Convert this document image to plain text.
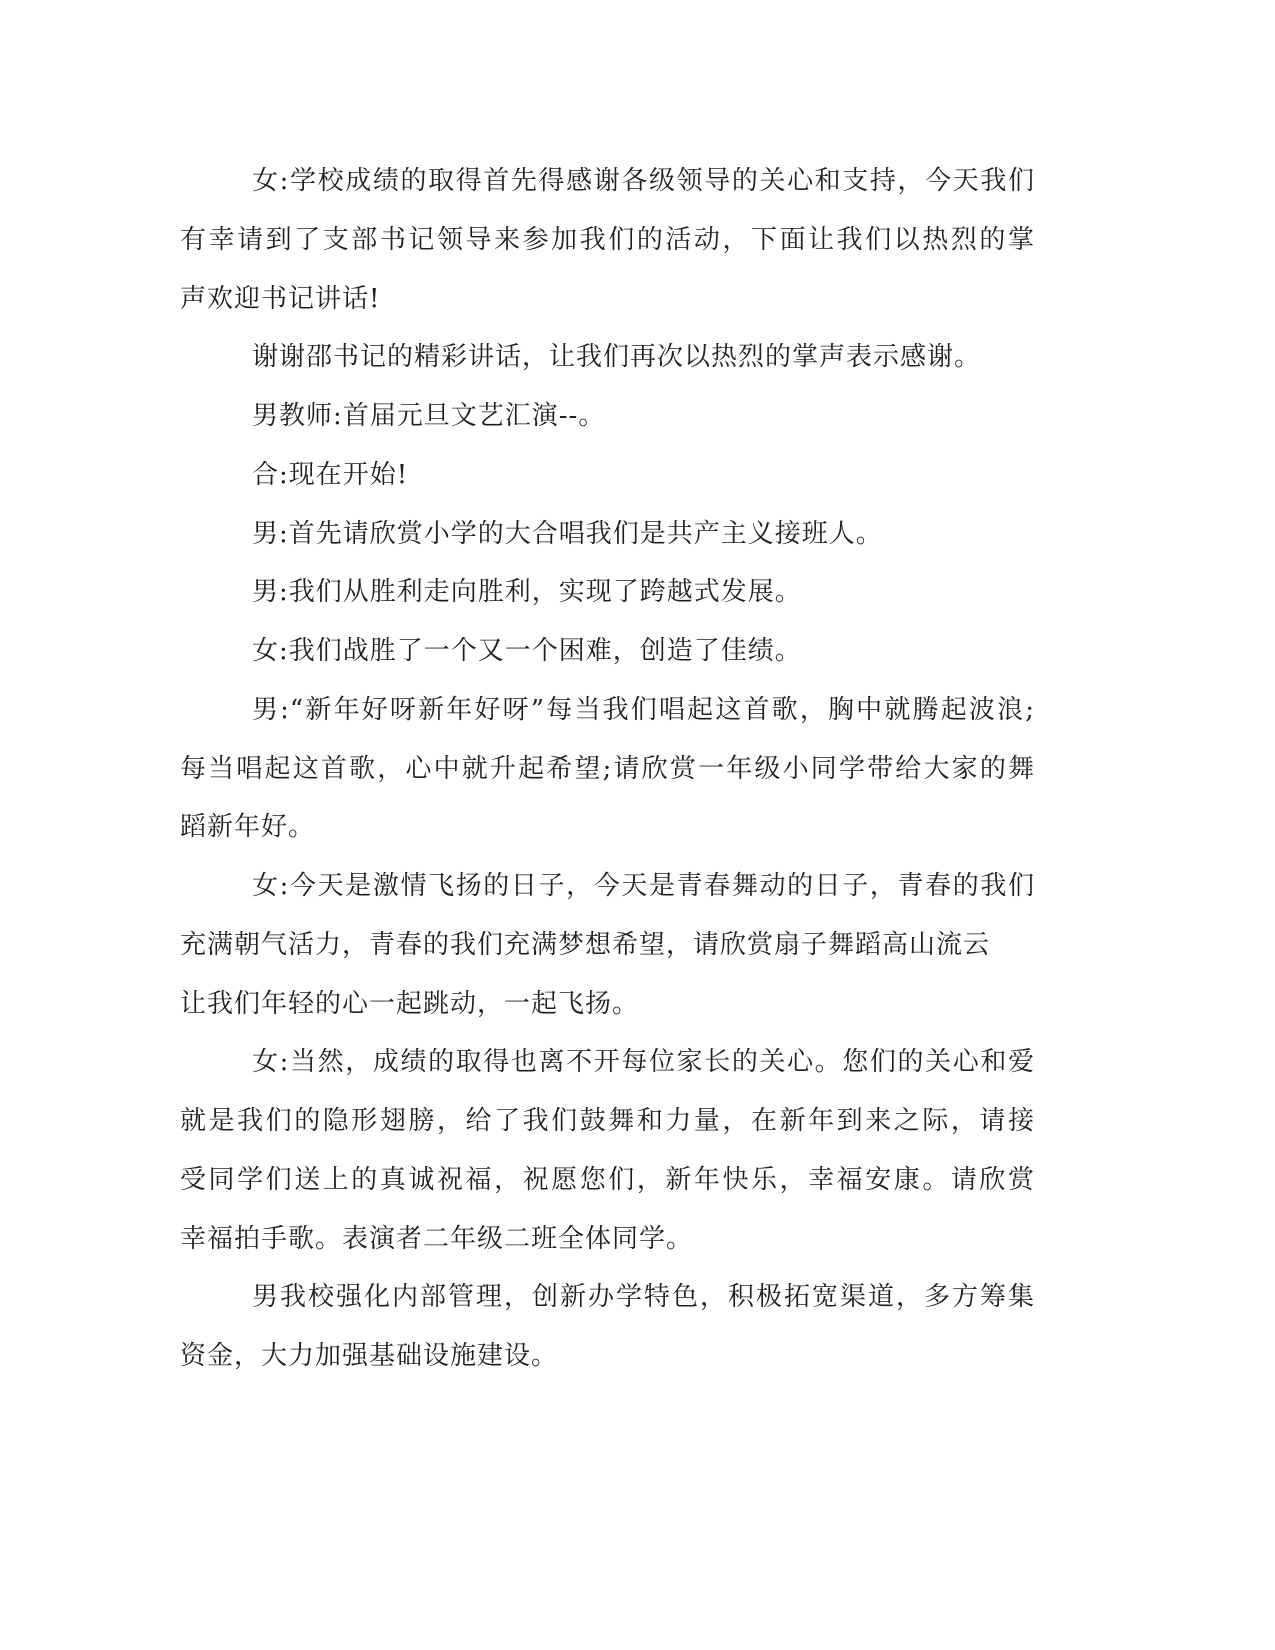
女:学校成绩的取得首先得感谢各级领导的关心和支持，今天我们
有幸请到了支部书记领导来参加我们的活动，下面让我们以热烈的掌
声欢迎书记讲话!
谢谢邵书记的精彩讲话，让我们再次以热烈的掌声表示感谢。
男教师:首届元旦文艺汇演--。
合:现在开始!
男:首先请欣赏小学的大合唱我们是共产主义接班人。
男:我们从胜利走向胜利，实现了跨越式发展。
女:我们战胜了一个又一个困难，创造了佳绩。
男:“新年好呀新年好呀”每当我们唱起这首歌，胸中就腾起波浪;
每当唱起这首歌，心中就升起希望;请欣赏一年级小同学带给大家的舞
蹈新年好。
女:今天是激情飞扬的日子，今天是青春舞动的日子，青春的我们
充满朝气活力，青春的我们充满梦想希望，请欣赏扇子舞蹈高山流云
让我们年轻的心一起跳动，一起飞扬。
女:当然，成绩的取得也离不开每位家长的关心。您们的关心和爱
就是我们的隐形翅膀，给了我们鼓舞和力量，在新年到来之际，请接
受同学们送上的真诚祝福，祝愿您们，新年快乐，幸福安康。请欣赏
幸福拍手歌。表演者二年级二班全体同学。
男我校强化内部管理，创新办学特色，积极拓宽渠道，多方筹集
资金，大力加强基础设施建设。
